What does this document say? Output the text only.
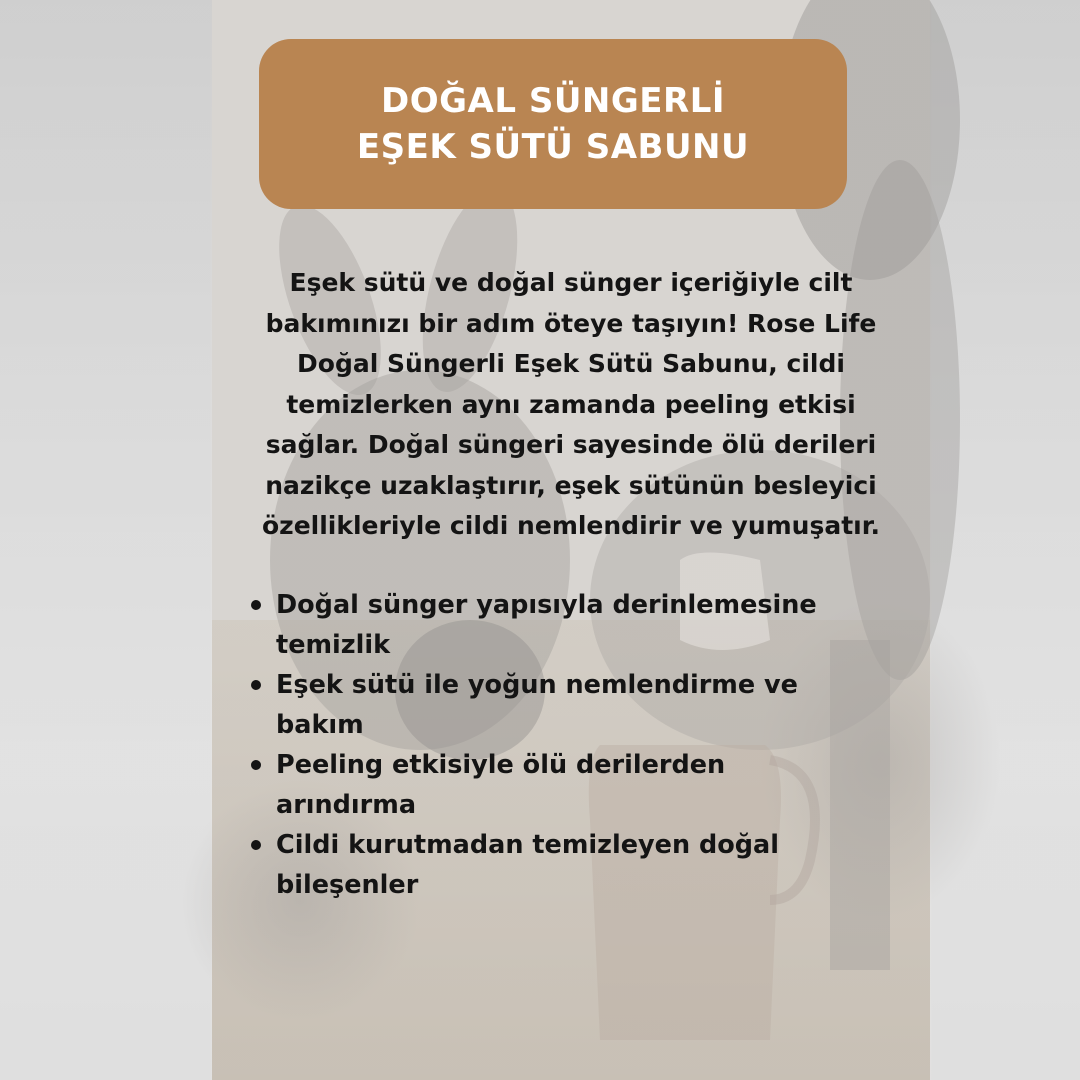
DOĞAL SÜNGERLİ
EŞEK SÜTÜ SABUNU
Eşek sütü ve doğal sünger içeriğiyle cilt
bakımınızı bir adım öteye taşıyın! Rose Life
Doğal Süngerli Eşek Sütü Sabunu, cildi
temizlerken aynı zamanda peeling etkisi
sağlar. Doğal süngeri sayesinde ölü derileri
nazikçe uzaklaştırır, eşek sütünün besleyici
özellikleriyle cildi nemlendirir ve yumuşatır.
Doğal sünger yapısıyla derinlemesine
temizlik
Eşek sütü ile yoğun nemlendirme ve
bakım
Peeling etkisiyle ölü derilerden
arındırma
Cildi kurutmadan temizleyen doğal
bileşenler
